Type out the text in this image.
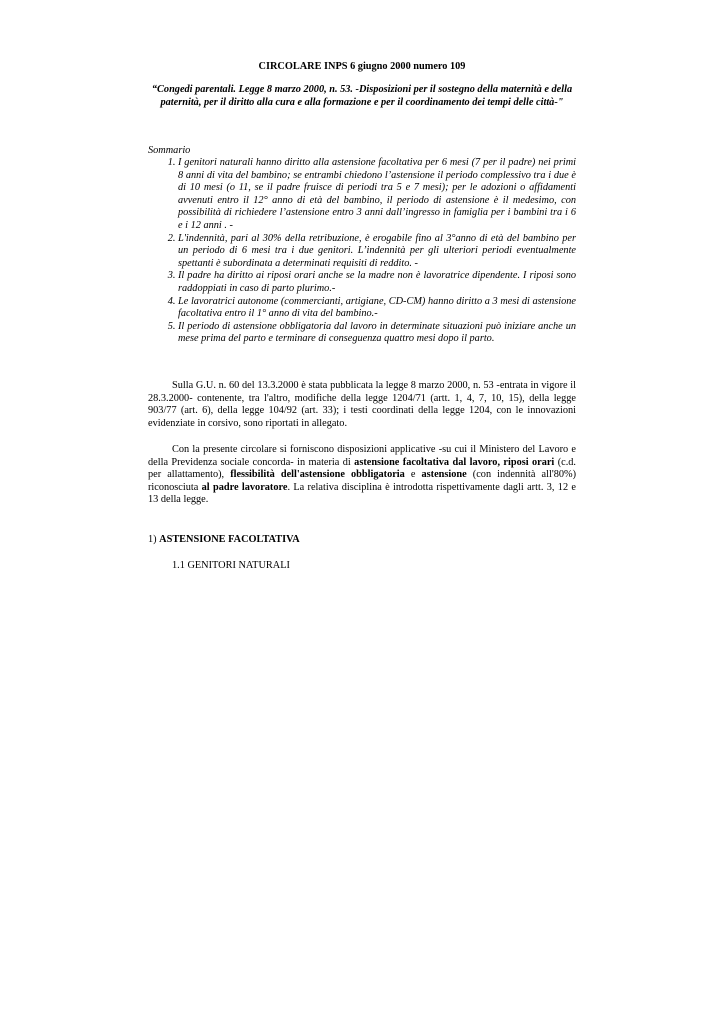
CIRCOLARE INPS 6 giugno 2000 numero 109
“Congedi parentali. Legge 8 marzo 2000, n. 53. -Disposizioni per il sostegno della maternità e della paternità, per il diritto alla cura e alla formazione e per il coordinamento dei tempi delle città-"
Sommario
1. I genitori naturali hanno diritto alla astensione facoltativa per 6 mesi (7 per il padre) nei primi 8 anni di vita del bambino; se entrambi chiedono l’astensione il periodo complessivo tra i due è di 10 mesi (o 11, se il padre fruisce di periodi tra 5 e 7 mesi); per le adozioni o affidamenti avvenuti entro il 12° anno di età del bambino, il periodo di astensione è il medesimo, con possibilità di richiedere l’astensione entro 3 anni dall’ingresso in famiglia per i bambini tra i 6 e i 12 anni . -
2. L'indennità, pari al 30% della retribuzione, è erogabile fino al 3°anno di età del bambino per un periodo di 6 mesi tra i due genitori. L’indennità per gli ulteriori periodi eventualmente spettanti è subordinata a determinati requisiti di reddito. -
3. Il padre ha diritto ai riposi orari anche se la madre non è lavoratrice dipendente. I riposi sono raddoppiati in caso di parto plurimo.-
4. Le lavoratrici autonome (commercianti, artigiane, CD-CM) hanno diritto a 3 mesi di astensione facoltativa entro il 1° anno di vita del bambino.-
5. Il periodo di astensione obbligatoria dal lavoro in determinate situazioni può iniziare anche un mese prima del parto e terminare di conseguenza quattro mesi dopo il parto.

Sulla G.U. n. 60 del 13.3.2000 è stata pubblicata la legge 8 marzo 2000, n. 53 -entrata in vigore il 28.3.2000- contenente, tra l'altro, modifiche della legge 1204/71 (artt. 1, 4, 7, 10, 15), della legge 903/77 (art. 6), della legge 104/92 (art. 33); i testi coordinati della legge 1204, con le innovazioni evidenziate in corsivo, sono riportati in allegato.

Con la presente circolare si forniscono disposizioni applicative -su cui il Ministero del Lavoro e della Previdenza sociale concorda- in materia di astensione facoltativa dal lavoro, riposi orari (c.d. per allattamento), flessibilità dell'astensione obbligatoria e astensione (con indennità all'80%) riconosciuta al padre lavoratore. La relativa disciplina è introdotta rispettivamente dagli artt. 3, 12 e 13 della legge.

1) ASTENSIONE FACOLTATIVA
1.1 GENITORI NATURALI
